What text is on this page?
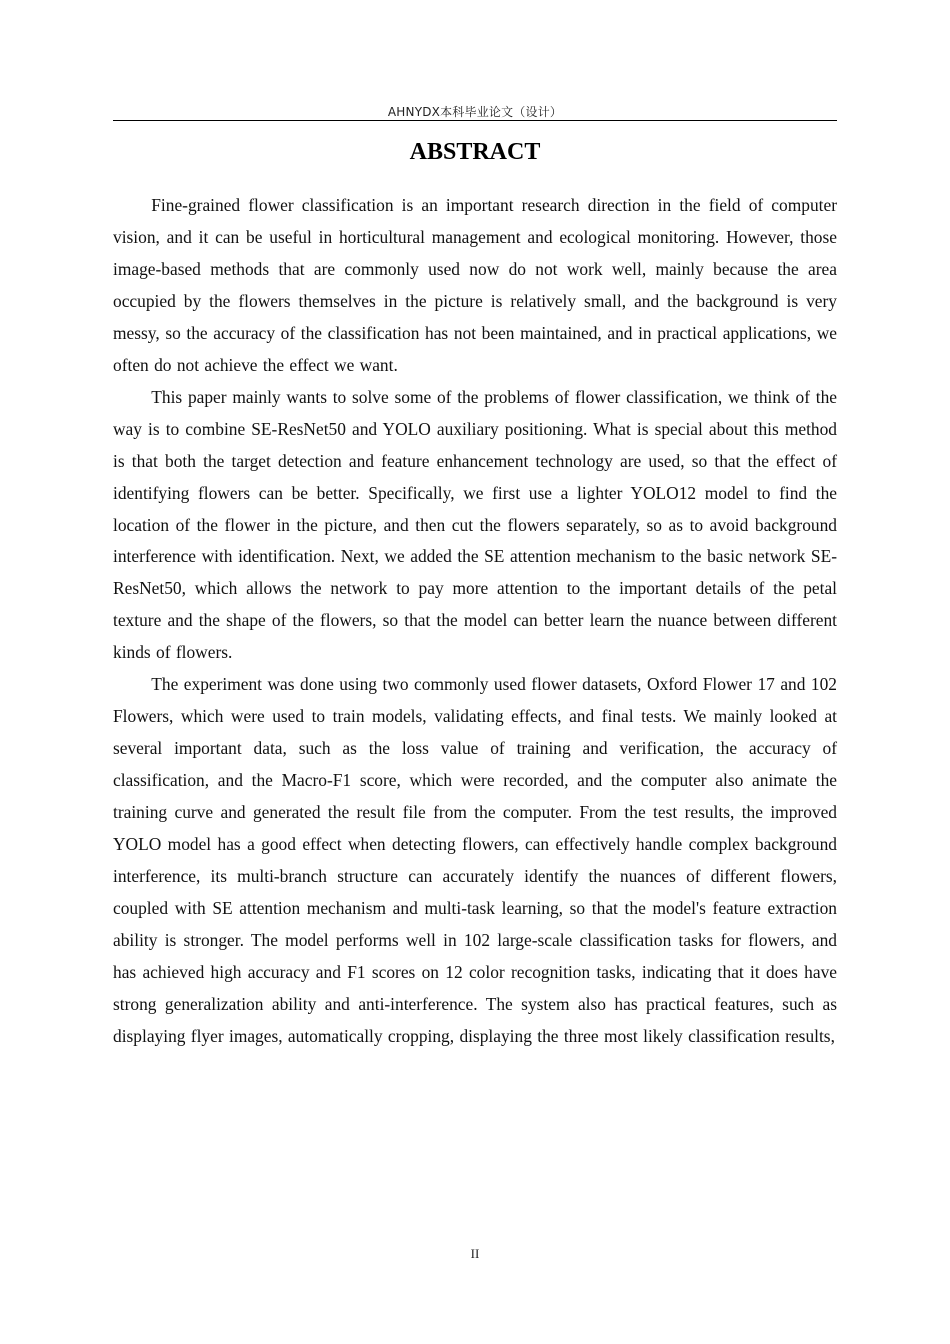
AHNYDX本科毕业论文（设计）
ABSTRACT

Fine-grained flower classification is an important research direction in the field of computer vision, and it can be useful in horticultural management and ecological monitoring. However, those image-based methods that are commonly used now do not work well, mainly because the area occupied by the flowers themselves in the picture is relatively small, and the background is very messy, so the accuracy of the classification has not been maintained, and in practical applications, we often do not achieve the effect we want.

This paper mainly wants to solve some of the problems of flower classification, we think of the way is to combine SE-ResNet50 and YOLO auxiliary positioning. What is special about this method is that both the target detection and feature enhancement technology are used, so that the effect of identifying flowers can be better. Specifically, we first use a lighter YOLO12 model to find the location of the flower in the picture, and then cut the flowers separately, so as to avoid background interference with identification. Next, we added the SE attention mechanism to the basic network SE-ResNet50, which allows the network to pay more attention to the important details of the petal texture and the shape of the flowers, so that the model can better learn the nuance between different kinds of flowers.

The experiment was done using two commonly used flower datasets, Oxford Flower 17 and 102 Flowers, which were used to train models, validating effects, and final tests. We mainly looked at several important data, such as the loss value of training and verification, the accuracy of classification, and the Macro-F1 score, which were recorded, and the computer also animate the training curve and generated the result file from the computer. From the test results, the improved YOLO model has a good effect when detecting flowers, can effectively handle complex background interference, its multi-branch structure can accurately identify the nuances of different flowers, coupled with SE attention mechanism and multi-task learning, so that the model's feature extraction ability is stronger. The model performs well in 102 large-scale classification tasks for flowers, and has achieved high accuracy and F1 scores on 12 color recognition tasks, indicating that it does have strong generalization ability and anti-interference. The system also has practical features, such as displaying flyer images, automatically cropping, displaying the three most likely classification results,

II
